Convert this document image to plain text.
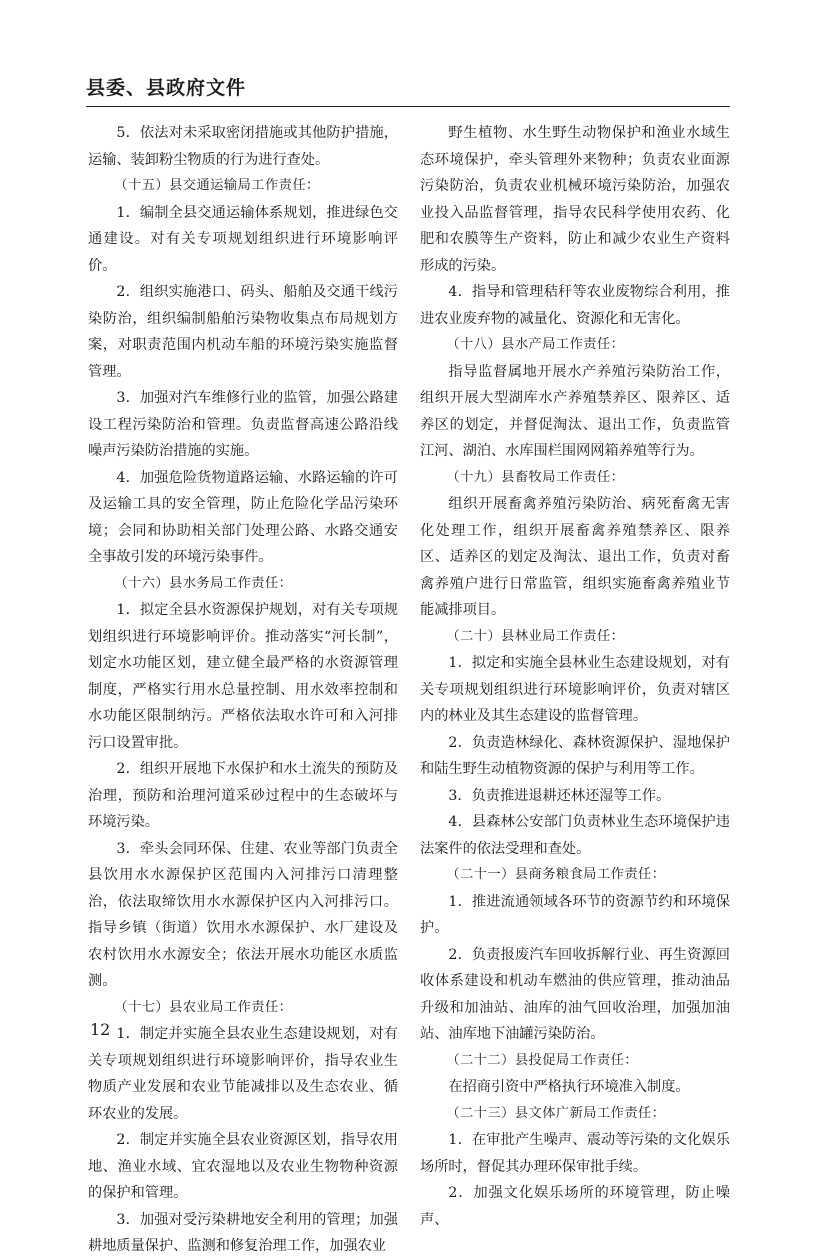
县委、县政府文件

5．依法对未采取密闭措施或其他防护措施，运输、装卸粉尘物质的行为进行查处。

（十五）县交通运输局工作责任：

1．编制全县交通运输体系规划，推进绿色交通建设。对有关专项规划组织进行环境影响评价。

2．组织实施港口、码头、船舶及交通干线污染防治，组织编制船舶污染物收集点布局规划方案，对职责范围内机动车船的环境污染实施监督管理。

3．加强对汽车维修行业的监管，加强公路建设工程污染防治和管理。负责监督高速公路沿线噪声污染防治措施的实施。

4．加强危险货物道路运输、水路运输的许可及运输工具的安全管理，防止危险化学品污染环境；会同和协助相关部门处理公路、水路交通安全事故引发的环境污染事件。

（十六）县水务局工作责任：

1．拟定全县水资源保护规划，对有关专项规划组织进行环境影响评价。推动落实“河长制”，划定水功能区划，建立健全最严格的水资源管理制度，严格实行用水总量控制、用水效率控制和水功能区限制纳污。严格依法取水许可和入河排污口设置审批。

2．组织开展地下水保护和水土流失的预防及治理，预防和治理河道采砂过程中的生态破坏与环境污染。

3．牵头会同环保、住建、农业等部门负责全县饮用水水源保护区范围内入河排污口清理整治，依法取缔饮用水水源保护区内入河排污口。指导乡镇（街道）饮用水水源保护、水厂建设及农村饮用水水源安全；依法开展水功能区水质监测。

（十七）县农业局工作责任：

1．制定并实施全县农业生态建设规划，对有关专项规划组织进行环境影响评价，指导农业生物质产业发展和农业节能减排以及生态农业、循环农业的发展。

2．制定并实施全县农业资源区划，指导农用地、渔业水域、宜农湿地以及农业生物物种资源的保护和管理。

3．加强对受污染耕地安全利用的管理；加强耕地质量保护、监测和修复治理工作，加强农业

野生植物、水生野生动物保护和渔业水域生态环境保护，牵头管理外来物种；负责农业面源污染防治，负责农业机械环境污染防治，加强农业投入品监督管理，指导农民科学使用农药、化肥和农膜等生产资料，防止和减少农业生产资料形成的污染。

4．指导和管理秸秆等农业废物综合利用，推进农业废弃物的减量化、资源化和无害化。

（十八）县水产局工作责任：

指导监督属地开展水产养殖污染防治工作，组织开展大型湖库水产养殖禁养区、限养区、适养区的划定，并督促淘汰、退出工作，负责监管江河、湖泊、水库围栏围网网箱养殖等行为。

（十九）县畜牧局工作责任：

组织开展畜禽养殖污染防治、病死畜禽无害化处理工作，组织开展畜禽养殖禁养区、限养区、适养区的划定及淘汰、退出工作，负责对畜禽养殖户进行日常监管，组织实施畜禽养殖业节能减排项目。

（二十）县林业局工作责任：

1．拟定和实施全县林业生态建设规划，对有关专项规划组织进行环境影响评价，负责对辖区内的林业及其生态建设的监督管理。

2．负责造林绿化、森林资源保护、湿地保护和陆生野生动植物资源的保护与利用等工作。

3．负责推进退耕还林还湿等工作。

4．县森林公安部门负责林业生态环境保护违法案件的依法受理和查处。

（二十一）县商务粮食局工作责任：

1．推进流通领域各环节的资源节约和环境保护。

2．负责报废汽车回收拆解行业、再生资源回收体系建设和机动车燃油的供应管理，推动油品升级和加油站、油库的油气回收治理，加强加油站、油库地下油罐污染防治。

（二十二）县投促局工作责任：

在招商引资中严格执行环境准入制度。

（二十三）县文体广新局工作责任：

1．在审批产生噪声、震动等污染的文化娱乐场所时，督促其办理环保审批手续。

2．加强文化娱乐场所的环境管理，防止噪声、

12
